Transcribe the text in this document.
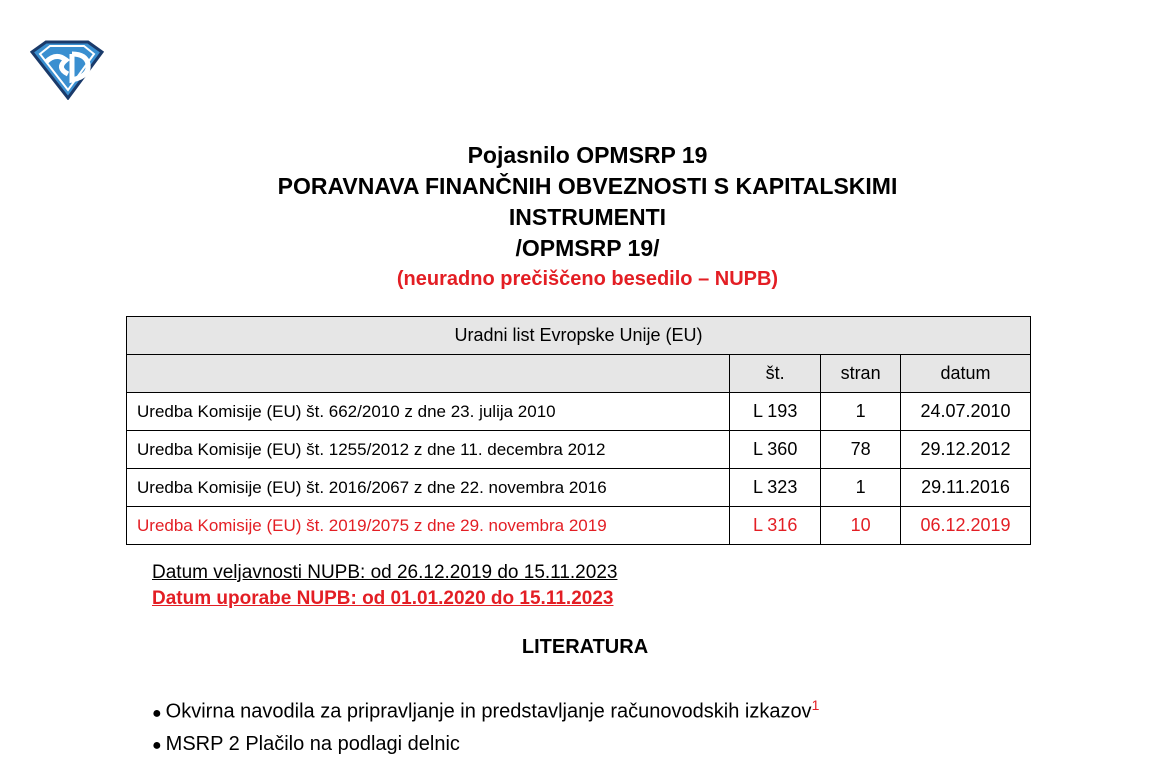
Pojasnilo OPMSRP 19
PORAVNAVA FINANČNIH OBVEZNOSTI S KAPITALSKIMI
INSTRUMENTI
/OPMSRP 19/
(neuradno prečiščeno besedilo – NUPB)
Uradni list Evropske Unije (EU)			
	št.	stran	datum
Uredba Komisije (EU) št. 662/2010 z dne 23. julija 2010	L 193	1	24.07.2010
Uredba Komisije (EU) št. 1255/2012 z dne 11. decembra 2012	L 360	78	29.12.2012
Uredba Komisije (EU) št. 2016/2067 z dne 22. novembra 2016	L 323	1	29.11.2016
Uredba Komisije (EU) št. 2019/2075 z dne 29. novembra 2019	L 316	10	06.12.2019
Datum veljavnosti NUPB: od 26.12.2019 do 15.11.2023
Datum uporabe NUPB: od 01.01.2020 do 15.11.2023
LITERATURA
● Okvirna navodila za pripravljanje in predstavljanje računovodskih izkazov$^1$
● MSRP 2 Plačilo na podlagi delnic
